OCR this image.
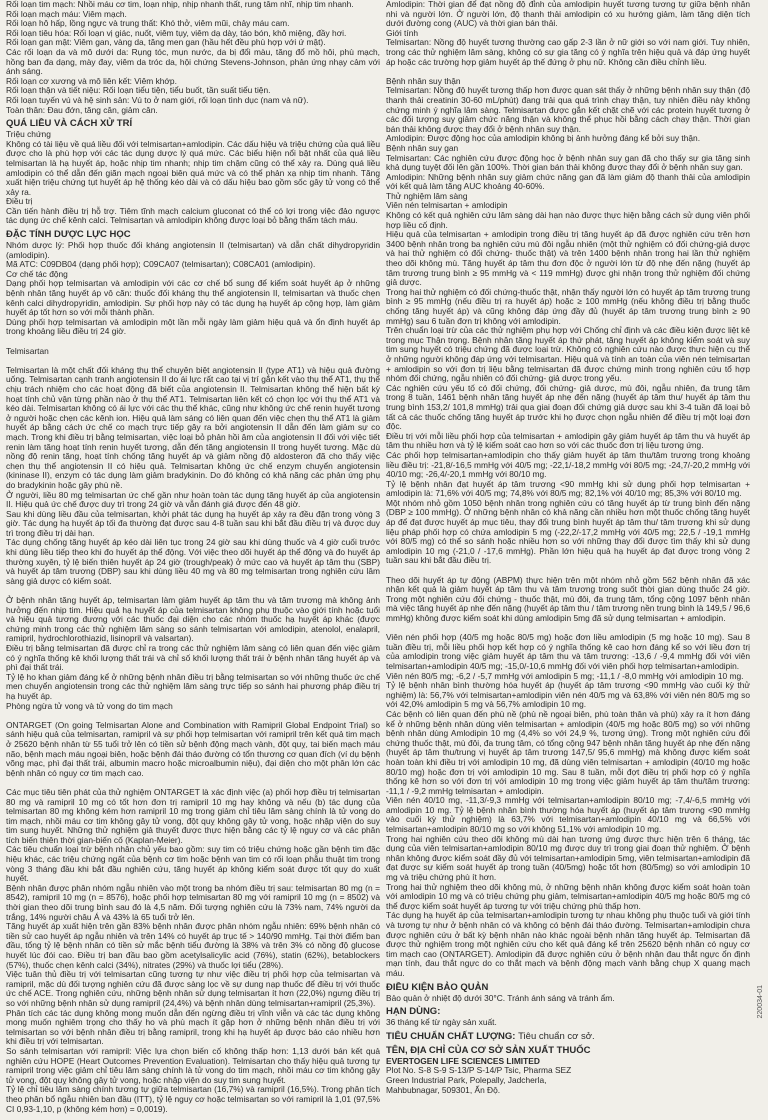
Rối loạn tim mạch: Nhồi máu cơ tim, loạn nhịp, nhịp nhanh thất, rung tâm nhĩ, nhịp tim nhanh.
Rối loạn mạch máu: Viêm mạch.
Rối loạn hô hấp, lồng ngực và trung thất: Khó thở, viêm mũi, chảy máu cam.
Rối loạn tiêu hóa: Rối loạn vị giác, nuốt, viêm tụy, viêm dạ dày, táo bón, khô miệng, đầy hơi.
Rối loạn gan mật: Viêm gan, vàng da, tăng men gan (hầu hết đều phù hợp với ứ mật).
Các rối loạn da và mô dưới da: Rụng tóc, mụn nước, da bị đổi màu, tăng đổ mồ hôi, phù mạch, hồng ban đa dạng, mày đay, viêm da tróc da, hội chứng Stevens-Johnson, phản ứng nhạy cảm với ánh sáng.
Rối loạn cơ xương và mô liên kết: Viêm khớp.
Rối loạn thận và tiết niệu: Rối loạn tiểu tiện, tiểu buốt, tần suất tiểu tiện.
Rối loạn tuyến vú và hệ sinh sản: Vú to ở nam giới, rối loạn tình dục (nam và nữ).
Toàn thân: Đau đớn, tăng cân, giảm cân.

QUÁ LIỀU VÀ CÁCH XỬ TRÍ

Triệu chứng
Không có tài liệu về quá liều đối với telmisartan+amlodipin. Các dấu hiệu và triệu chứng của quá liều được cho là phù hợp với các tác dụng dược lý quá mức. Các biểu hiện nổi bật nhất của quá liều telmisartan là hạ huyết áp, hoặc nhịp tim nhanh; nhịp tim chậm cũng có thể xảy ra. Dùng quá liều amlodipin có thể dẫn đến giãn mạch ngoại biên quá mức và có thể phản xạ nhịp tim nhanh. Tăng xuất hiện triệu chứng tụt huyết áp hệ thống kéo dài và có dấu hiệu bao gồm sốc gây tử vong có thể xảy ra.
Điều trị
Cần tiến hành điều trị hỗ trợ. Tiêm tĩnh mạch calcium gluconat có thể có lợi trong việc đảo ngược tác dụng ức chế kênh calci. Telmisartan và amlodipin không được loại bỏ bằng thẩm tách máu.

ĐẶC TÍNH DƯỢC LỰC HỌC

Nhóm dược lý: Phối hợp thuốc đối kháng angiotensin II (telmisartan) và dẫn chất dihydropyridin (amlodipin).
Mã ATC: C09DB04 (dạng phối hợp); C09CA07 (telmisartan); C08CA01 (amlodipin).
Cơ chế tác động
Dạng phối hợp telmisartan và amlodipin với các cơ chế bổ sung để kiểm soát huyết áp ở những bệnh nhân tăng huyết áp vô căn: thuốc đối kháng thụ thể angiotensin II, telmisartan và thuốc chẹn kênh calci dihydropyridin, amlodipin. Sự phối hợp này có tác dụng hạ huyết áp cộng hợp, làm giảm huyết áp tốt hơn so với mỗi thành phần.
Dùng phối hợp telmisartan và amlodipin một lần mỗi ngày làm giảm hiệu quả và ổn định huyết áp trong khoảng liều điều trị 24 giờ.

Telmisartan

Telmisartan là một chất đối kháng thụ thể chuyên biệt angiotensin II (type AT1) và hiệu quả đường uống. Telmisartan cạnh tranh angiotensin II do ái lực rất cao tại vị trí gắn kết vào thụ thể AT1, thụ thể chịu trách nhiệm cho các hoạt động đã biết của angiotensin II. Telmisartan không thể hiện bất kỳ hoạt tính chủ vận từng phần nào ở thụ thể AT1. Telmisartan liên kết có chọn lọc với thụ thể AT1 và kéo dài. Telmisartan không có ái lực với các thụ thể khác, cũng như không ức chế renin huyết tương ở người hoặc chẹn các kênh ion. Hiệu quả làm sáng có liên quan đến việc chẹn thụ thể AT1 là giảm huyết áp bằng cách ức chế co mạch trực tiếp gây ra bởi angiotensin II dẫn đến làm giảm sự co mạch. Trong khi điều trị bằng telmisartan, việc loại bỏ phản hồi âm của angiotensin II đối với việc tiết renin làm tăng hoạt tính renin huyết tương, dẫn đến tăng angiotensin II trong huyết tương. Mặc dù nồng độ renin tăng, hoạt tính chống tăng huyết áp và giảm nồng độ aldosteron đã cho thấy việc chẹn thụ thể angiotensin II có hiệu quả. Telmisartan không ức chế enzym chuyển angiotensin (kininase II), enzym có tác dụng làm giảm bradykinin. Do đó không có khả năng các phản ứng phụ do bradykinin hoặc gây phù nề.
Ở người, liều 80 mg telmisartan ức chế gần như hoàn toàn tác dụng tăng huyết áp của angiotensin II. Hiệu quả ức chế được duy trì trong 24 giờ và vẫn đánh giá được đến 48 giờ.
Sau khi dùng liều đầu của telmisartan, khởi phát tác dụng hạ huyết áp xảy ra đều đặn trong vòng 3 giờ. Tác dụng hạ huyết áp tối đa thường đạt được sau 4-8 tuần sau khi bắt đầu điều trị và được duy trì trong điều trị dài hạn.
Tác dụng chống tăng huyết áp kéo dài liên tục trong 24 giờ sau khi dùng thuốc và 4 giờ cuối trước khi dùng liều tiếp theo khi đo huyết áp thể động. Với việc theo dõi huyết áp thể động và đo huyết áp thường xuyên, tỷ lệ biến thiên huyết áp 24 giờ (trough/peak) ở mức cao và huyết áp tâm thu (SBP) và huyết áp tâm trương (DBP) sau khi dùng liều 40 mg và 80 mg telmisartan trong nghiên cứu lâm sàng giả dược có kiểm soát.

Ở bệnh nhân tăng huyết áp, telmisartan làm giảm huyết áp tâm thu và tâm trương mà không ảnh hưởng đến nhịp tim. Hiệu quả hạ huyết áp của telmisartan không phụ thuộc vào giới tính hoặc tuổi và hiệu quả tương đương với các thuốc đại diện cho các nhóm thuốc hạ huyết áp khác (được chứng minh trong các thử nghiệm lâm sàng so sánh telmisartan với amlodipin, atenolol, enalapril, ramipril, hydrochlorothiazid, lisinopril và valsartan).
Điều trị bằng telmisartan đã được chỉ ra trong các thử nghiệm lâm sàng có liên quan đến việc giảm có ý nghĩa thống kê khối lượng thất trái và chỉ số khối lượng thất trái ở bệnh nhân tăng huyết áp và phì đại thất trái.
Tỷ lệ ho khan giảm đáng kể ở những bệnh nhân điều trị bằng telmisartan so với những thuốc ức chế men chuyển angiotensin trong các thử nghiệm lâm sàng trực tiếp so sánh hai phương pháp điều trị hạ huyết áp.
Phòng ngừa tử vong và tử vong do tim mạch

ONTARGET (On going Telmisartan Alone and Combination with Ramipril Global Endpoint Trial) so sánh hiệu quả của telmisartan, ramipril và sự phối hợp telmisartan với ramipril trên kết quả tim mạch ở 25620 bệnh nhân từ 55 tuổi trở lên có tiền sử bệnh động mạch vành, đột quỵ, tai biến mạch máu não, bệnh mạch máu ngoại biên, hoặc bệnh đái tháo đường có tổn thương cơ quan đích (ví dụ bệnh võng mạc, phì đại thất trái, albumin macro hoặc microalbumin niệu), đại diện cho một phân lớn các bệnh nhân có nguy cơ tim mạch cao.

Các mục tiêu tiên phát của thử nghiệm ONTARGET là xác định việc (a) phối hợp điều trị telmisartan 80 mg và ramipril 10 mg có tốt hơn đơn trị ramipril 10 mg hay không và nếu (b) tác dụng của telmisartan 80 mg không kém hơn ramipril 10 mg trong giảm chỉ tiêu lâm sàng chính là tử vong do tim mạch, nhồi máu cơ tim không gây tử vong, đột quỵ không gây tử vong, hoặc nhập viện do suy tim sung huyết. Những thử nghiệm giả thuyết được thực hiện bằng các tỷ lệ nguy cơ và các phân tích biến thiên thời gian-biến cố (Kaplan-Meier).
Các tiêu chuẩn loại trừ bệnh nhân chủ yếu bao gồm: suy tim có triệu chứng hoặc gần bệnh tim đặc hiệu khác, các triệu chứng ngất của bệnh cơ tim hoặc bệnh van tim có rối loạn phẫu thuật tim trong vòng 3 tháng đầu khi bắt đầu nghiên cứu, tăng huyết áp không kiểm soát được tốt quy do xuất huyết.
Bệnh nhân được phân nhóm ngẫu nhiên vào một trong ba nhóm điều trị sau: telmisartan 80 mg (n = 8542), ramipril 10 mg (n = 8576), hoặc phối hợp telmisartan 80 mg với ramipril 10 mg (n = 8502) và thời gian theo dõi trung bình sau đó là 4,5 năm. Đối tượng nghiên cứu là 73% nam, 74% người da trắng, 14% người châu Á và 43% là 65 tuổi trở lên.
Tăng huyết áp xuất hiện trên gần 83% bệnh nhân được phân nhóm ngẫu nhiên: 69% bệnh nhân có tiền sử cao huyết áp ngẫu nhiên và trên 14% có huyết áp trục tế > 140/90 mmHg. Tại thời điểm ban đầu, tổng tỷ lệ bệnh nhân có tiền sử mắc bệnh tiểu đường là 38% và trên 3% có nồng độ glucose huyết lúc đói cao. Điều trị ban đầu bao gồm acetylsalicylic acid (76%), statin (62%), betablockers (57%), thuốc chẹn kênh calci (34%), nitrates (29%) và thuốc lợi tiểu (28%).
Việc tuân thủ điều trị với telmisartan cũng tương tự như việc điều trị phối hợp của telmisartan và ramipril, mặc dù đối tượng nghiên cứu đã được sàng lọc về sự dung nạp thuốc để điều trị với thuốc ức chế ACE. Trong nghiên cứu, những bệnh nhân sử dụng telmisartan ít hơn (22,0%) ngưng điều trị so với những bệnh nhân sử dụng ramipril (24,4%) và bệnh nhân dùng telmisartan+ramipril (25,3%).
Phân tích các tác dụng không mong muốn dẫn đến ngừng điều trị vĩnh viễn và các tác dụng không mong muốn nghiêm trọng cho thấy ho và phù mạch ít gặp hơn ở những bệnh nhân điều trị với telmisartan so với bệnh nhân điều trị bằng ramipril, trong khi hạ huyết áp được báo cáo nhiều hơn khi điều trị với telmisartan.
So sánh telmisartan với ramipril: Việc lựa chọn biến cố không thấp hơn: 1,13 dưới bán kết quả nghiên cứu HOPE (Heart Outcomes Prevention Evaluation). Telmisartan cho thấy hiệu quả tương tự ramipril trong việc giảm chỉ tiêu lâm sàng chính là tử vong do tim mạch, nhồi máu cơ tim không gây tử vong, đột quỵ không gây tử vong, hoặc nhập viện do suy tim sung huyết.
Tỷ lệ chỉ tiêu lâm sàng chính tương tự giữa telmisartan (16,7%) và ramipril (16,5%). Trong phân tích theo phân bổ ngẫu nhiên ban đầu (ITT), tỷ lệ nguy cơ hoặc telmisartan so với ramipril là 1,01 (97,5% CI 0,93-1,10, p (không kém hơn) = 0,0019).

Amlodipin: Thời gian để đạt nồng độ đỉnh của amlodipin huyết tương tương tự giữa bệnh nhân nhi và người lớn. Ở người lớn, độ thanh thải amlodipin có xu hướng giảm, làm tăng diện tích dưới đường cong (AUC) và thời gian bán thải.

Giới tính
Telmisartan: Nồng độ huyết tương thường cao gấp 2-3 lần ở nữ giới so với nam giới. Tuy nhiên, trong các thử nghiệm lâm sàng, không có sự gia tăng có ý nghĩa trên hiệu quả và đáp ứng huyết áp hoặc các trường hợp giảm huyết áp thế đứng ở phụ nữ. Không cần điều chỉnh liều.

Bệnh nhân suy thận
Telmisartan: Nồng độ huyết tương thấp hơn được quan sát thấy ở những bệnh nhân suy thận (độ thanh thải creatinin 30-60 mL/phút) đang trải qua quá trình chạy thận, tuy nhiên điều này không chứng minh ý nghĩa lâm sàng. Telmisartan được gắn kết chặt chẽ với các protein huyết tương ở các đối tượng suy giảm chức năng thận và không thể phục hồi bằng cách chạy thận. Thời gian bán thải không được thay đổi ở bệnh nhân suy thận.
Amlodipin: Được động học của amlodipin không bị ảnh hưởng đáng kể bởi suy thận.
Bệnh nhân suy gan
Telmisartan: Các nghiên cứu được động học ở bệnh nhân suy gan đã cho thấy sự gia tăng sinh khả dụng tuyệt đối lên gần 100%. Thời gian bán thải không được thay đổi ở bệnh nhân suy gan.
Amlodipin: Những bệnh nhân suy giảm chức năng gan đã làm giảm độ thanh thải của amlodipin với kết quả làm tăng AUC khoảng 40-60%.
Thử nghiệm lâm sàng
Viên nén telmisartan + amlodipin
Không có kết quả nghiên cứu lâm sàng dài hạn nào được thực hiện bằng cách sử dụng viên phối hợp liều cố định.
Hiệu quả của telmisartan + amlodipin trong điều trị tăng huyết áp đã được nghiên cứu trên hơn 3400 bệnh nhân trong ba nghiên cứu mù đôi ngẫu nhiên (một thử nghiệm có đối chứng-giả dược và hai thử nghiệm có đối chứng- thuốc thật) và trên 1400 bệnh nhân trong hai lần thử nghiệm theo dõi không mù. Tăng huyết áp tâm thu đơn độc ở người lớn từ độ nhẹ đến nặng (huyết áp tâm trương trung bình ≥ 95 mmHg và < 119 mmHg) được ghi nhận trong thử nghiệm đối chứng giả dược.
Trong hai thử nghiệm có đối chứng-thuốc thật, nhận thấy người lớn có huyết áp tâm trương trung bình ≥ 95 mmHg (nếu điều trị ra huyết áp) hoặc ≥ 100 mmHg (nếu không điều trị bằng thuốc chống tăng huyết áp) và cũng không đáp ứng đầy đủ (huyết áp tâm trương trung bình ≥ 90 mmHg) sau 6 tuần đơn trị không với amlodipin.
Trên chuẩn loại trừ của các thử nghiệm phụ hợp với Chống chỉ định và các điều kiện được liệt kê trong mục Thận trọng. Bệnh nhân tăng huyết áp thứ phát, tăng huyết áp không kiểm soát và suy tim sung huyết có triệu chứng đã được loại trừ. Không có nghiên cứu nào được thực hiện cụ thể ở những người không đáp ứng với telmisartan. Hiệu quả và tính an toàn của viên nén telmisartan + amlodipin so với đơn trị liệu bằng telmisartan đã được chứng minh trong nghiên cứu tổ hợp nhóm đối chứng, ngẫu nhiên có đối chứng- giả dược trong yếu.
Các nghiên cứu yếu tố có đối chứng, đối chứng- giả dược, mù đôi, ngẫu nhiên, đa trung tâm trong 8 tuần, 1461 bệnh nhân tăng huyết áp nhẹ đến nặng (huyết áp tâm thu/ huyết áp tâm thu trung bình 153,2/ 101,8 mmHg) trải qua giai đoạn đối chứng giả dược sau khi 3-4 tuần đã loại bỏ tất cả các thuốc chống tăng huyết áp trước khi họ được chọn ngẫu nhiên để điều trị một loại đơn độc.
Điều trị với mỗi liều phối hợp của telmisartan + amlodipin gây giảm huyết áp tâm thu và huyết áp tâm thu nhiều hơn và tỷ lệ kiểm soát cao hơn so với các thuốc đơn trị liệu tương ứng.
Các phối hợp telmisartan+amlodipin cho thấy giảm huyết áp tâm thu/tâm trương trong khoảng liều điều trị: -21,8/-16,5 mmHg với 40/5 mg; -22,1/-18,2 mmHg với 80/5 mg; -24,7/-20,2 mmHg với 40/10 mg; -26,4/-20,1 mmHg với 80/10 mg.
Tỷ lệ bệnh nhân đạt huyết áp tâm trương <90 mmHg khi sử dụng phối hợp telmisartan + amlodipin là: 71,6% với 40/5 mg; 74,8% với 80/5 mg; 82,1% với 40/10 mg; 85,3% với 80/10 mg.
Một nhóm nhỏ gồm 1050 bệnh nhân trong nghiên cứu có tăng huyết áp từ trung bình đến nặng (DBP ≥ 100 mmHg). Ở những bệnh nhân có khả năng cần nhiều hơn một thuốc chống tăng huyết áp để đạt được huyết áp mục tiêu, thay đổi trung bình huyết áp tâm thu/ tâm trương khi sử dụng liệu pháp phối hợp có chứa amlodipin 5 mg (-22,2/-17,2 mmHg với 40/5 mg; 22,5 / -19,1 mmHg với 80/5 mg) có thể so sánh hoặc nhiều hơn so với những thay đổi được tìm thấy khi sử dụng amlodipin 10 mg (-21,0 / -17,6 mmHg). Phần lớn hiệu quả hạ huyết áp đạt được trong vòng 2 tuần sau khi bắt đầu điều trị.

Theo dõi huyết áp tự động (ABPM) thực hiện trên một nhóm nhỏ gồm 562 bệnh nhân đã xác nhận kết quả là giảm huyết áp tâm thu và tâm trương trong suốt thời gian dùng thuốc 24 giờ. Trong một nghiên cứu đối chứng - thuốc thật, mù đôi, đa trung tâm, tổng cộng 1097 bệnh nhân mà việc tăng huyết áp nhẹ đến nặng (huyết áp tâm thu / tâm trương nền trung bình là 149,5 / 96,6 mmHg) không được kiểm soát khi dùng amlodipin 5mg đã sử dụng telmisartan + amlodipin.

Viên nén phối hợp (40/5 mg hoặc 80/5 mg) hoặc đơn liều amlodipin (5 mg hoặc 10 mg). Sau 8 tuần điều trị, mỗi liều phối hợp kết hợp có ý nghĩa thống kê cao hơn đáng kể so với liều đơn trị của amlodipin trong việc giảm huyết áp tâm thu và tâm trương: -13,6 / -9,4 mmHg đối với viên telmisartan+amlodipin 40/5 mg; -15,0/-10,6 mmHg đối với viên phối hợp telmisartan+amlodipin.
Viên nén 80/5 mg; -6,2 / -5,7 mmHg với amlodipin 5 mg; -11,1 / -8,0 mmHg với amlodipin 10 mg.
Tỷ lệ bệnh nhân bình thường hóa huyết áp (huyết áp tâm trương <90 mmHg vào cuối kỳ thử nghiệm) là: 56,7% với telmisartan+amlodipin viên nén 40/5 mg và 63,8% với viên nén 80/5 mg so với 42,0% amlodipin 5 mg và 56,7% amlodipin 10 mg.
Các bệnh có liên quan đến phù nề (phù nề ngoại biên, phù toàn thân và phù) xảy ra ít hơn đáng kể ở những bệnh nhân dùng viên telmisartan + amlodipin (40/5 mg hoặc 80/5 mg) so với những bệnh nhân dùng Amlodipin 10 mg (4,4% so với 24,9 %, tương ứng). Trong một nghiên cứu đối chứng thuốc thật, mù đôi, đa trung tâm, có tổng cộng 947 bệnh nhân tăng huyết áp nhẹ đến nặng (huyết áp tâm thu/trung vị huyết áp tâm trương 147,5/ 95,6 mmHg) mà không được kiểm soát hoàn toàn khi điều trị với amlodipin 10 mg, đã dùng viên telmisartan + amlodipin (40/10 mg hoặc 80/10 mg) hoặc đơn trị với amlodipin 10 mg. Sau 8 tuần, mỗi đợt điều trị phối hợp có ý nghĩa thống kê hơn so với đơn trị với amlodipin 10 mg trong việc giảm huyết áp tâm thu/tâm trương: -11,1 / -9,2 mmHg telmisartan + amlodipin.
Viên nén 40/10 mg, -11,3/-9,3 mmHg với telmisartan+amlodipin 80/10 mg; -7,4/-6,5 mmHg với amlodipin 10 mg. Tỷ lệ bệnh nhân bình thường hóa huyết áp (huyết áp tâm trương <90 mmHg vào cuối kỳ thử nghiệm) là 63,7% với telmisartan+amlodipin 40/10 mg và 66,5% với telmisartan+amlodipin 80/10 mg so với không 51,1% với amlodipin 10 mg.
Trong hai nghiên cứu theo dõi không mù dài hạn tương ứng được thực hiện trên 6 tháng, tác dụng của viên telmisartan+amlodipin 80/10 mg được duy trì trong giai đoạn thử nghiệm. Ở bệnh nhân không được kiểm soát đầy đủ với telmisartan+amlodipin 5mg, viên telmisartan+amlodipin đã đạt được sự kiểm soát huyết áp trong tuần (40/5mg) hoặc tốt hơn (80/5mg) so với amlodipin 10 mg và triệu chứng phù ít hơn.
Trong hai thử nghiệm theo dõi không mù, ở những bệnh nhân không được kiểm soát hoàn toàn với amlodipin 10 mg và có triệu chứng phụ giảm, telmisartan+amlodipin 40/5 mg hoặc 80/5 mg có thể được kiểm soát huyết áp tương tự với triệu chứng phù thấp hơn.
Tác dụng hạ huyết áp của telmisartan+amlodipin tương tự nhau không phụ thuộc tuổi và giới tính và tương tự như ở bệnh nhân có và không có bệnh đái tháo đường. Telmisartan+amlodipin chưa được nghiên cứu ở bất kỳ bệnh nhân nào khác ngoài bệnh nhân tăng huyết áp. Telmisartan đã được thử nghiệm trong một nghiên cứu cho kết quả đáng kể trên 25620 bệnh nhân có nguy cơ tim mạch cao (ONTARGET). Amlodipin đã được nghiên cứu ở bệnh nhân đau thắt ngực ổn định mạn tính, đau thắt ngực do co thắt mạch và bệnh động mạch vành bằng chụp X quang mạch máu.

ĐIỀU KIỆN BẢO QUẢN

Bảo quản ở nhiệt độ dưới 30°C. Tránh ánh sáng và tránh ẩm.

HẠN DÙNG:

36 tháng kể từ ngày sản xuất.

TIÊU CHUẨN CHẤT LƯỢNG: Tiêu chuẩn cơ sở.
TÊN, ĐỊA CHỈ CỦA CƠ SỞ SẢN XUẤT THUỐC
EVERTOGEN LIFE SCIENCES LIMITED

Plot No. S-8 S-9 S-13/P S-14/P Tsic, Pharma SEZ
Green Industrial Park, Polepally, Jadcherla,
Mahbubnagar, 509301, Ấn Độ.

220034-01
